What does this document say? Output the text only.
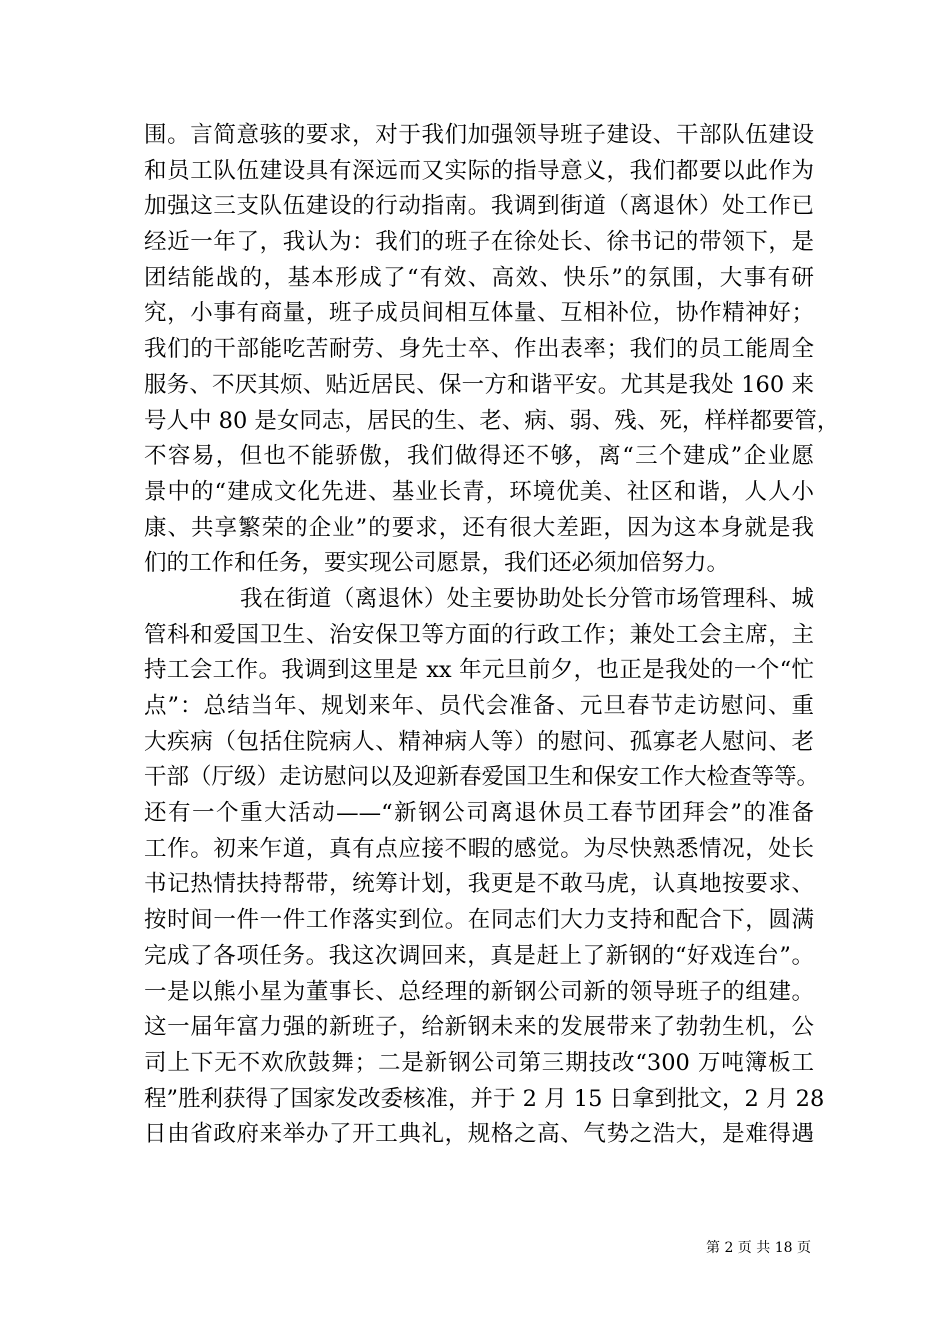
围。言简意骇的要求，对于我们加强领导班子建设、干部队伍建设
和员工队伍建设具有深远而又实际的指导意义，我们都要以此作为
加强这三支队伍建设的行动指南。我调到街道（离退休）处工作已
经近一年了，我认为：我们的班子在徐处长、徐书记的带领下，是
团结能战的，基本形成了“有效、高效、快乐”的氛围，大事有研
究，小事有商量，班子成员间相互体量、互相补位，协作精神好；
我们的干部能吃苦耐劳、身先士卒、作出表率；我们的员工能周全
服务、不厌其烦、贴近居民、保一方和谐平安。尤其是我处 160 来
号人中 80 是女同志，居民的生、老、病、弱、残、死，样样都要管，
不容易，但也不能骄傲，我们做得还不够，离“三个建成”企业愿
景中的“建成文化先进、基业长青，环境优美、社区和谐，人人小
康、共享繁荣的企业”的要求，还有很大差距，因为这本身就是我
们的工作和任务，要实现公司愿景，我们还必须加倍努力。
我在街道（离退休）处主要协助处长分管市场管理科、城
管科和爱国卫生、治安保卫等方面的行政工作；兼处工会主席，主
持工会工作。我调到这里是 xx 年元旦前夕，也正是我处的一个“忙
点”：总结当年、规划来年、员代会准备、元旦春节走访慰问、重
大疾病（包括住院病人、精神病人等）的慰问、孤寡老人慰问、老
干部（厅级）走访慰问以及迎新春爱国卫生和保安工作大检查等等。
还有一个重大活动——“新钢公司离退休员工春节团拜会”的准备
工作。初来乍道，真有点应接不暇的感觉。为尽快熟悉情况，处长
书记热情扶持帮带，统筹计划，我更是不敢马虎，认真地按要求、
按时间一件一件工作落实到位。在同志们大力支持和配合下，圆满
完成了各项任务。我这次调回来，真是赶上了新钢的“好戏连台”。
一是以熊小星为董事长、总经理的新钢公司新的领导班子的组建。
这一届年富力强的新班子，给新钢未来的发展带来了勃勃生机，公
司上下无不欢欣鼓舞；二是新钢公司第三期技改“300 万吨簿板工
程”胜利获得了国家发改委核准，并于 2 月 15 日拿到批文，2 月 28
日由省政府来举办了开工典礼，规格之高、气势之浩大，是难得遇
第 2 页 共 18 页
